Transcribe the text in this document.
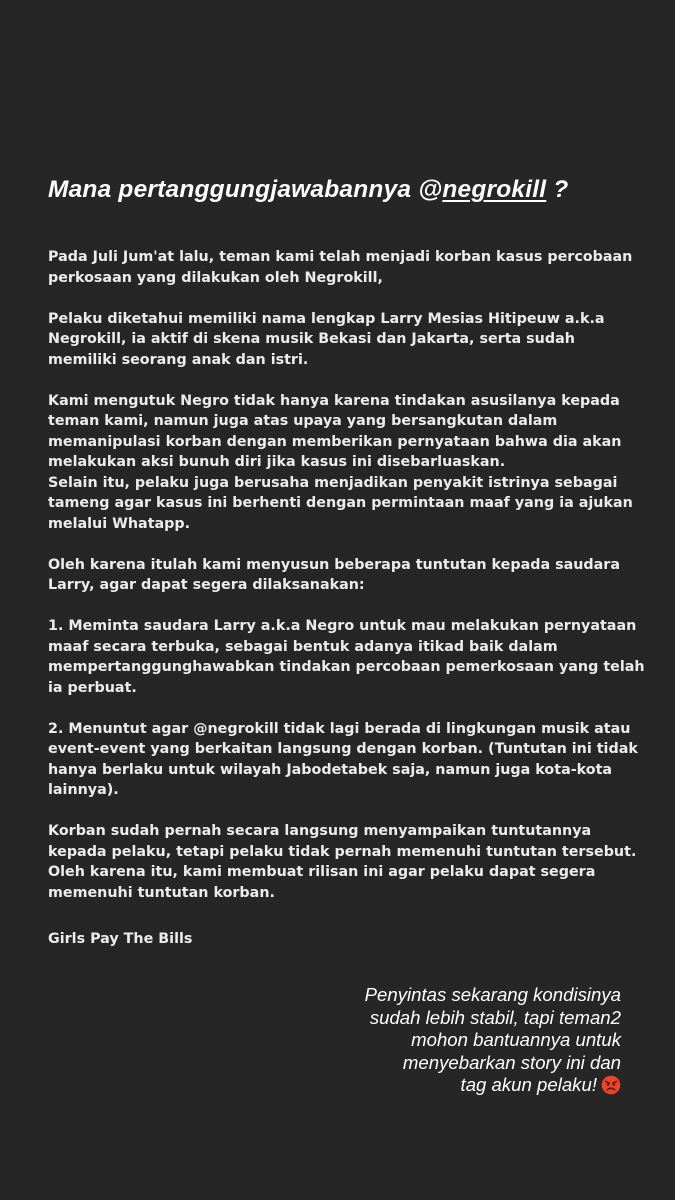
Mana pertanggungjawabannya @negrokill ?

Pada Juli Jum'at lalu, teman kami telah menjadi korban kasus percobaan perkosaan yang dilakukan oleh Negrokill,

Pelaku diketahui memiliki nama lengkap Larry Mesias Hitipeuw a.k.a Negrokill, ia aktif di skena musik Bekasi dan Jakarta, serta sudah memiliki seorang anak dan istri.

Kami mengutuk Negro tidak hanya karena tindakan asusilanya kepada teman kami, namun juga atas upaya yang bersangkutan dalam memanipulasi korban dengan memberikan pernyataan bahwa dia akan melakukan aksi bunuh diri jika kasus ini disebarluaskan.

Selain itu, pelaku juga berusaha menjadikan penyakit istrinya sebagai tameng agar kasus ini berhenti dengan permintaan maaf yang ia ajukan melalui Whatapp.

Oleh karena itulah kami menyusun beberapa tuntutan kepada saudara Larry, agar dapat segera dilaksanakan:

1. Meminta saudara Larry a.k.a Negro untuk mau melakukan pernyataan maaf secara terbuka, sebagai bentuk adanya itikad baik dalam mempertanggunghawabkan tindakan percobaan pemerkosaan yang telah ia perbuat.

2. Menuntut agar @negrokill tidak lagi berada di lingkungan musik atau event-event yang berkaitan langsung dengan korban. (Tuntutan ini tidak hanya berlaku untuk wilayah Jabodetabek saja, namun juga kota-kota lainnya).

Korban sudah pernah secara langsung menyampaikan tuntutannya kepada pelaku, tetapi pelaku tidak pernah memenuhi tuntutan tersebut. Oleh karena itu, kami membuat rilisan ini agar pelaku dapat segera memenuhi tuntutan korban.

Girls Pay The Bills
Penyintas sekarang kondisinya
sudah lebih stabil, tapi teman2
mohon bantuannya untuk
menyebarkan story ini dan
tag akun pelaku!
